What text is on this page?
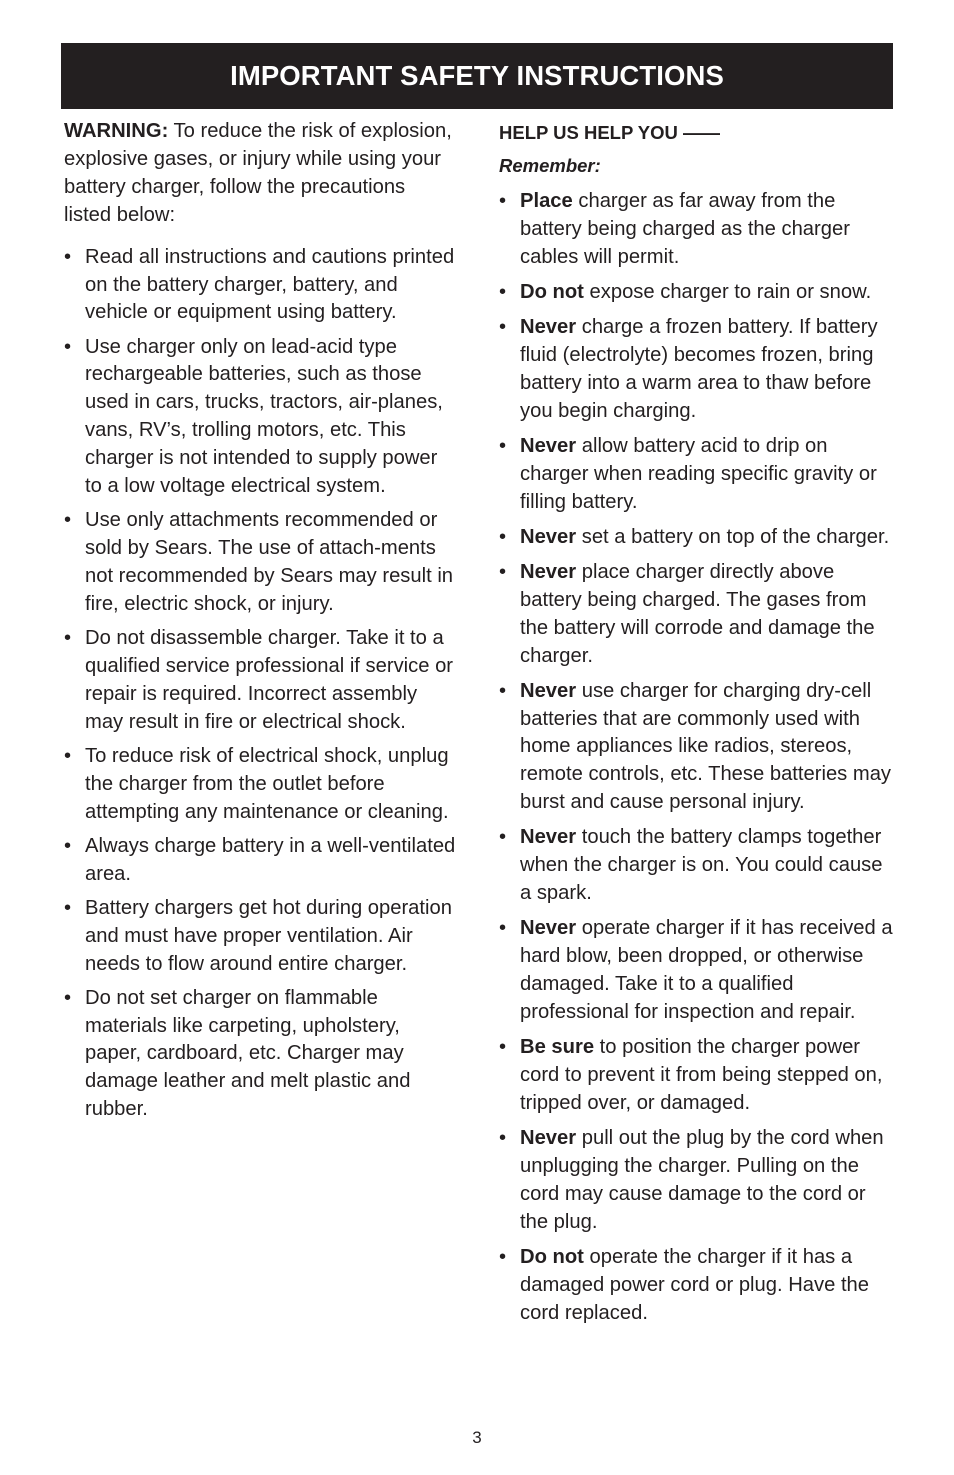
IMPORTANT SAFETY INSTRUCTIONS

WARNING: To reduce the risk of explosion, explosive gases, or injury while using your battery charger, follow the precautions listed below:

• Read all instructions and cautions printed on the battery charger, battery, and vehicle or equipment using battery.
• Use charger only on lead-acid type rechargeable batteries, such as those used in cars, trucks, tractors, air-planes, vans, RV’s, trolling motors, etc. This charger is not intended to supply power to a low voltage electrical system.
• Use only attachments recommended or sold by Sears. The use of attach-ments not recommended by Sears may result in fire, electric shock, or injury.
• Do not disassemble charger. Take it to a qualified service professional if service or repair is required. Incorrect assembly may result in fire or electrical shock.
• To reduce risk of electrical shock, unplug the charger from the outlet before attempting any maintenance or cleaning.
• Always charge battery in a well-ventilated area.
• Battery chargers get hot during operation and must have proper ventilation. Air needs to flow around entire charger.
• Do not set charger on flammable materials like carpeting, upholstery, paper, cardboard, etc. Charger may damage leather and melt plastic and rubber.

HELP US HELP YOU ——

Remember:

• Place charger as far away from the battery being charged as the charger cables will permit.
• Do not expose charger to rain or snow.
• Never charge a frozen battery. If battery fluid (electrolyte) becomes frozen, bring battery into a warm area to thaw before you begin charging.
• Never allow battery acid to drip on charger when reading specific gravity or filling battery.
• Never set a battery on top of the charger.
• Never place charger directly above battery being charged. The gases from the battery will corrode and damage the charger.
• Never use charger for charging dry-cell batteries that are commonly used with home appliances like radios, stereos, remote controls, etc. These batteries may burst and cause personal injury.
• Never touch the battery clamps together when the charger is on. You could cause a spark.
• Never operate charger if it has received a hard blow, been dropped, or otherwise damaged. Take it to a qualified professional for inspection and repair.
• Be sure to position the charger power cord to prevent it from being stepped on, tripped over, or damaged.
• Never pull out the plug by the cord when unplugging the charger. Pulling on the cord may cause damage to the cord or the plug.
• Do not operate the charger if it has a damaged power cord or plug. Have the cord replaced.
3
